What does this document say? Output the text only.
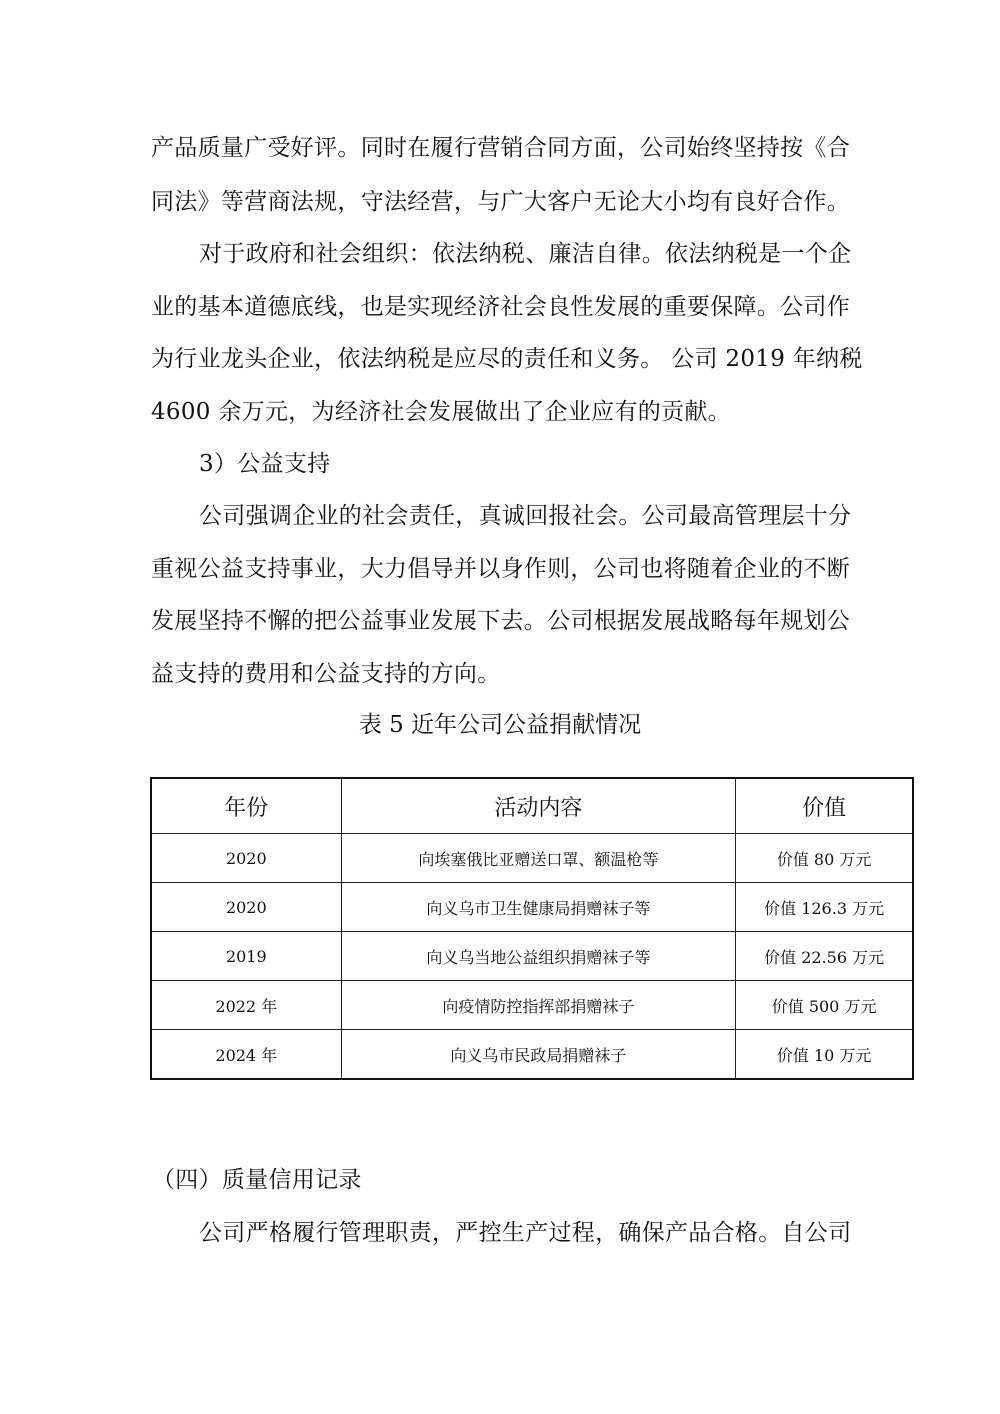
产品质量广受好评。同时在履行营销合同方面，公司始终坚持按《合
同法》等营商法规，守法经营，与广大客户无论大小均有良好合作。
对于政府和社会组织：依法纳税、廉洁自律。依法纳税是一个企
业的基本道德底线，也是实现经济社会良性发展的重要保障。公司作
为行业龙头企业，依法纳税是应尽的责任和义务。 公司 2019 年纳税
4600 余万元，为经济社会发展做出了企业应有的贡献。
3）公益支持
公司强调企业的社会责任，真诚回报社会。公司最高管理层十分
重视公益支持事业，大力倡导并以身作则，公司也将随着企业的不断
发展坚持不懈的把公益事业发展下去。公司根据发展战略每年规划公
益支持的费用和公益支持的方向。
表 5 近年公司公益捐献情况
年份	活动内容	价值
2020	向埃塞俄比亚赠送口罩、额温枪等	价值 80 万元
2020	向义乌市卫生健康局捐赠袜子等	价值 126.3 万元
2019	向义乌当地公益组织捐赠袜子等	价值 22.56 万元
2022 年	向疫情防控指挥部捐赠袜子	价值 500 万元
2024 年	向义乌市民政局捐赠袜子	价值 10 万元
（四）质量信用记录
公司严格履行管理职责，严控生产过程，确保产品合格。自公司
